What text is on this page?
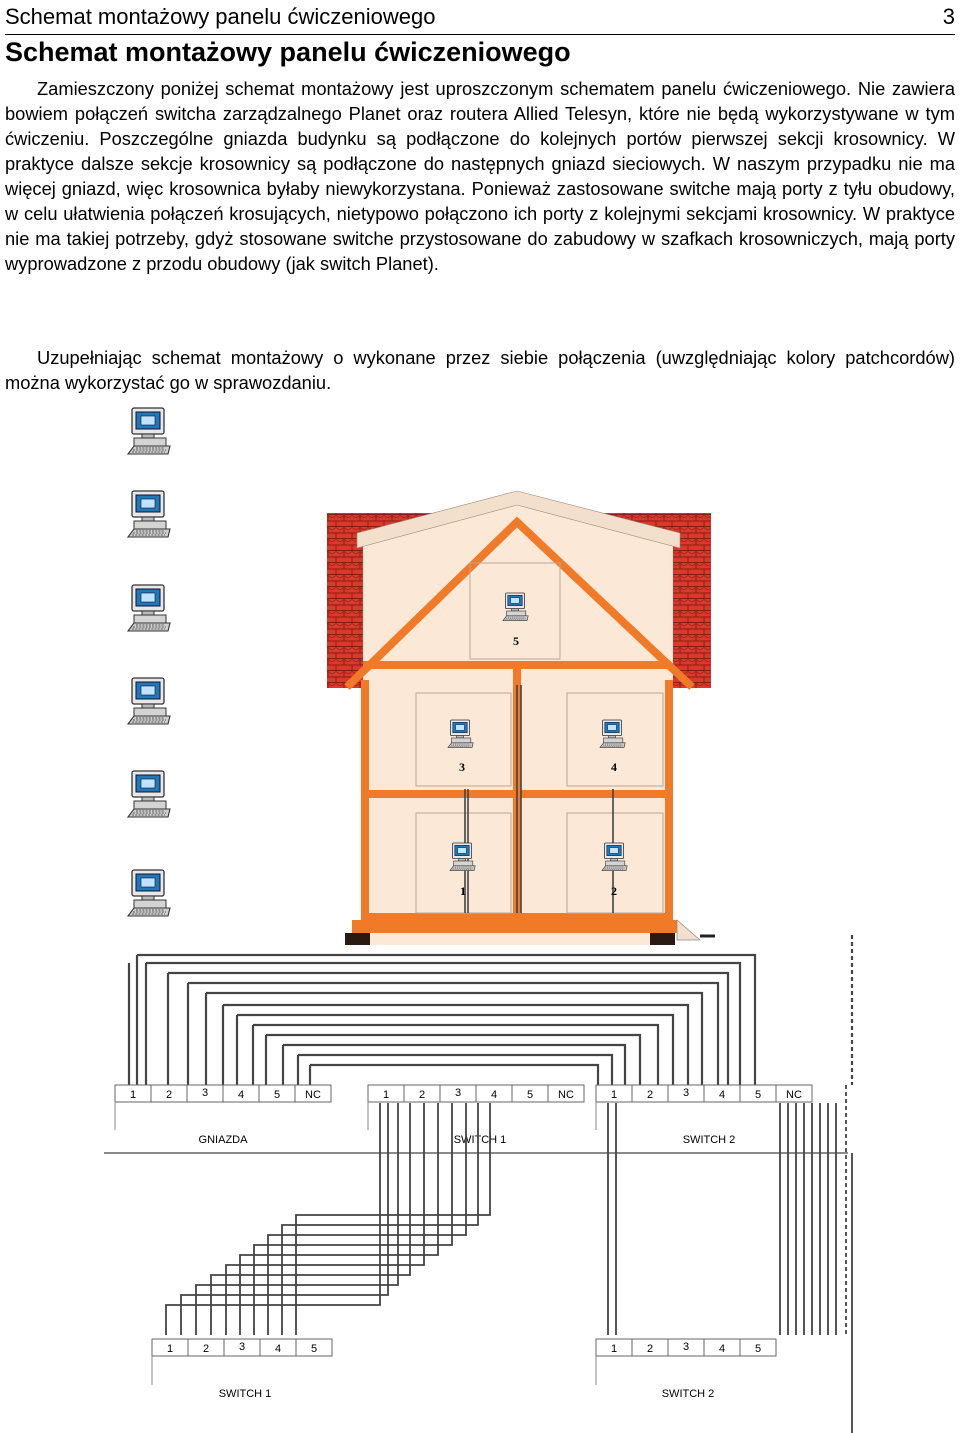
Schemat montażowy panelu ćwiczeniowego	3
Schemat montażowy panelu ćwiczeniowego

Zamieszczony poniżej schemat montażowy jest uproszczonym schematem panelu ćwiczeniowego. Nie zawiera bowiem połączeń switcha zarządzalnego Planet oraz routera Allied Telesyn, które nie będą wykorzystywane w tym ćwiczeniu. Poszczególne gniazda budynku są podłączone do kolejnych portów pierwszej sekcji krosownicy. W praktyce dalsze sekcje krosownicy są podłączone do następnych gniazd sieciowych. W naszym przypadku nie ma więcej gniazd, więc krosownica byłaby niewykorzystana. Ponieważ zastosowane switche mają porty z tyłu obudowy, w celu ułatwienia połączeń krosujących, nietypowo połączono ich porty z kolejnymi sekcjami krosownicy. W praktyce nie ma takiej potrzeby, gdyż stosowane switche przystosowane do zabudowy w szafkach krosowniczych, mają porty wyprowadzone z przodu obudowy (jak switch Planet).

Uzupełniając schemat montażowy o wykonane przez siebie połączenia (uwzględniając kolory patchcordów) można wykorzystać go w sprawozdaniu.

5
3	4
1	2
1	2	3	4	5 NC	1	2	3	4	5 NC	1	2	3	4	5 NC
GNIAZDA	SWITCH 1	SWITCH 2
1	2	3	4	5
SWITCH 1
1	2	3	4	5
SWITCH 2
